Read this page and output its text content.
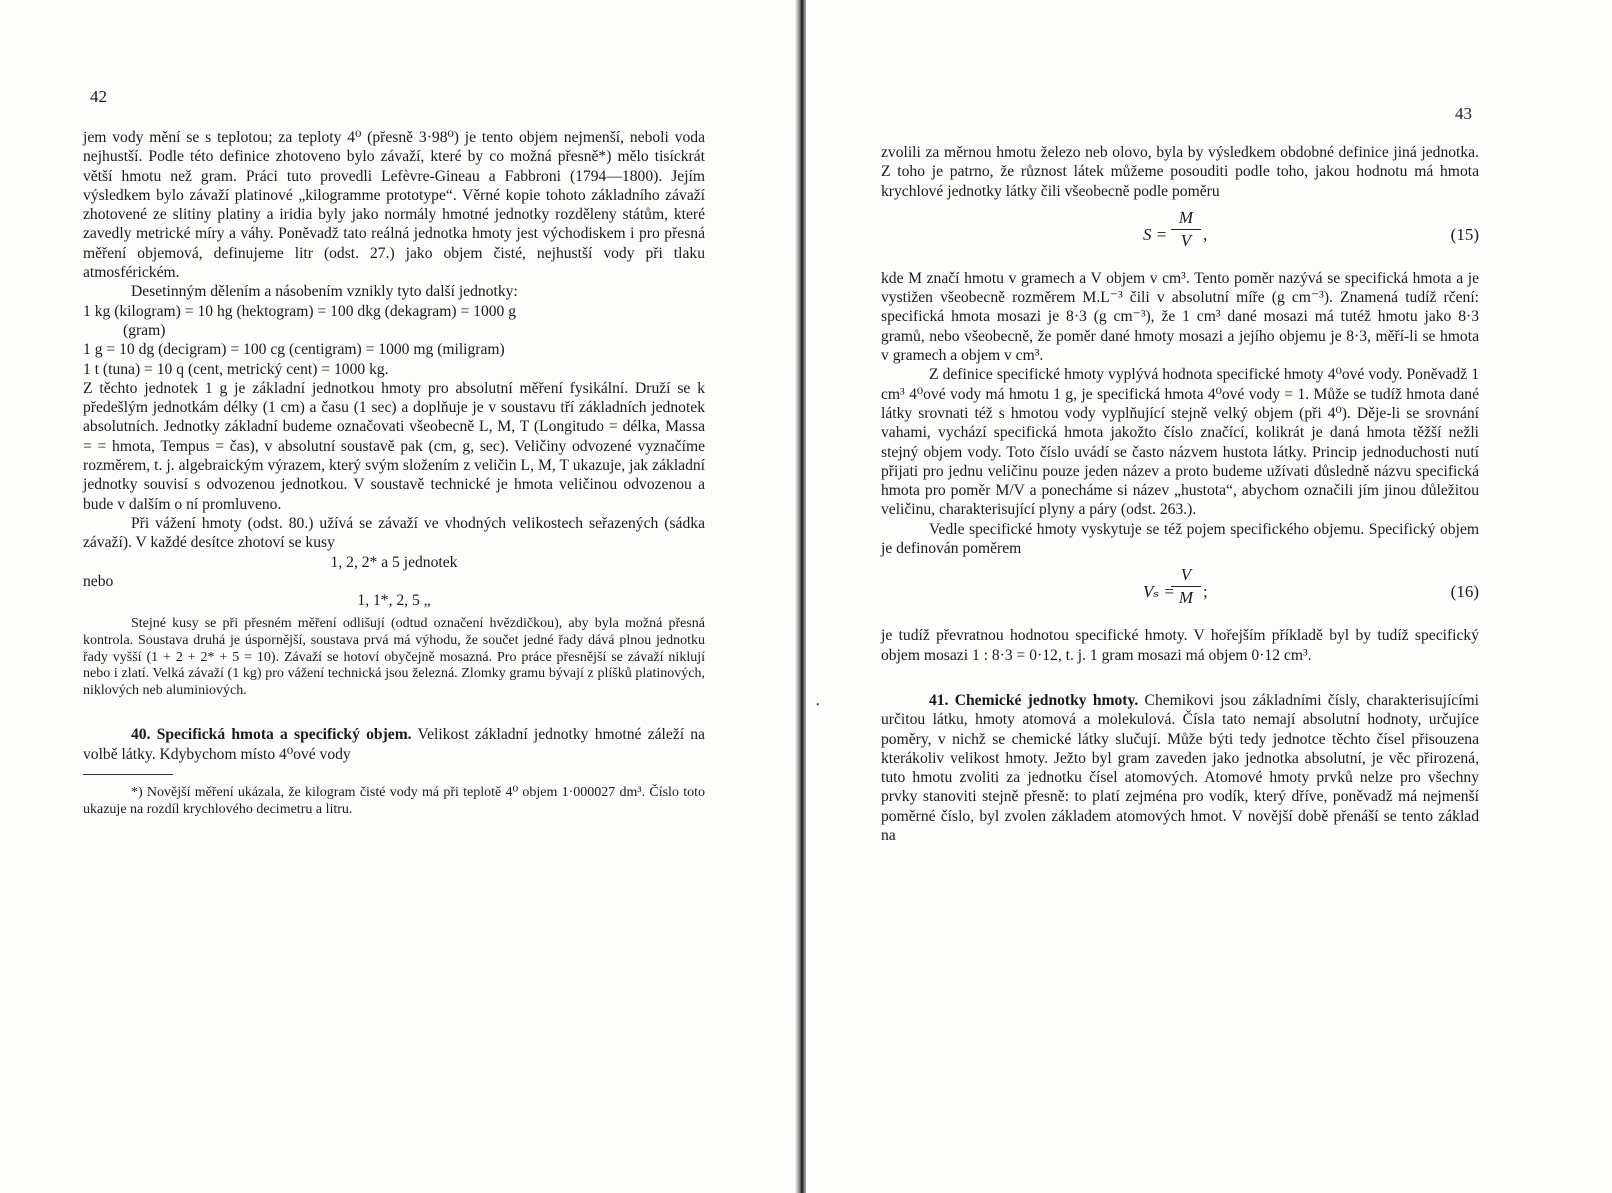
42

jem vody mění se s teplotou; za teploty 4⁰ (přesně 3·98⁰) je tento objem nejmenší, neboli voda nejhustší. Podle této definice zhotoveno bylo závaží, které by co možná přesně*) mělo tisíckrát větší hmotu než gram. Práci tuto provedli Lefèvre-Gineau a Fabbroni (1794—1800). Jejím výsledkem bylo závaží platinové „kilogramme prototype“. Věrné kopie tohoto základního závaží zhotovené ze slitiny platiny a iridia byly jako normály hmotné jednotky rozděleny státům, které zavedly metrické míry a váhy. Poněvadž tato reálná jednotka hmoty jest východiskem i pro přesná měření objemová, definujeme litr (odst. 27.) jako objem čisté, nejhustší vody při tlaku atmosférickém.

Desetinným dělením a násobením vznikly tyto další jednotky:

1 kg (kilogram) = 10 hg (hektogram) = 100 dkg (dekagram) = 1000 g

(gram)

1 g = 10 dg (decigram) = 100 cg (centigram) = 1000 mg (miligram)

1 t (tuna) = 10 q (cent, metrický cent) = 1000 kg.

Z těchto jednotek 1 g je základní jednotkou hmoty pro absolutní měření fysikální. Druží se k předešlým jednotkám délky (1 cm) a času (1 sec) a doplňuje je v soustavu tří základních jednotek absolutních. Jednotky základní budeme označovati všeobecně L, M, T (Longitudo = délka, Massa = = hmota, Tempus = čas), v absolutní soustavě pak (cm, g, sec). Veličiny odvozené vyznačíme rozměrem, t. j. algebraickým výrazem, který svým složením z veličin L, M, T ukazuje, jak základní jednotky souvisí s odvozenou jednotkou. V soustavě technické je hmota veličinou odvozenou a bude v dalším o ní promluveno.

Při vážení hmoty (odst. 80.) užívá se závaží ve vhodných velikostech seřazených (sádka závaží). V každé desítce zhotoví se kusy

1, 2, 2* a 5 jednotek

nebo

1, 1*, 2, 5 „

Stejné kusy se při přesném měření odlišují (odtud označení hvězdičkou), aby byla možná přesná kontrola. Soustava druhá je úspornější, soustava prvá má výhodu, že součet jedné řady dává plnou jednotku řady vyšší (1 + 2 + 2* + 5 = 10). Závaží se hotoví obyčejně mosazná. Pro práce přesnější se závaží niklují nebo i zlatí. Velká závaží (1 kg) pro vážení technická jsou železná. Zlomky gramu bývají z plíšků platinových, niklových neb aluminiových.

40. Specifická hmota a specifický objem. Velikost základní jednotky hmotné záleží na volbě látky. Kdybychom místo 4⁰ové vody

*) Novější měření ukázala, že kilogram čisté vody má při teplotě 4⁰ objem 1·000027 dm³. Číslo toto ukazuje na rozdíl krychlového decimetru a litru.

43

zvolili za měrnou hmotu železo neb olovo, byla by výsledkem obdobné definice jiná jednotka. Z toho je patrno, že různost látek můžeme posouditi podle toho, jakou hodnotu má hmota krychlové jednotky látky čili všeobecně podle poměru

$S = \frac{M}{V}$ ,	(15)

kde M značí hmotu v gramech a V objem v cm³. Tento poměr nazývá se specifická hmota a je vystižen všeobecně rozměrem M.L⁻³ čili v absolutní míře (g cm⁻³). Znamená tudíž rčení: specifická hmota mosazi je 8·3 (g cm⁻³), že 1 cm³ dané mosazi má tutéž hmotu jako 8·3 gramů, nebo všeobecně, že poměr dané hmoty mosazi a jejího objemu je 8·3, měří-li se hmota v gramech a objem v cm³.

Z definice specifické hmoty vyplývá hodnota specifické hmoty 4⁰ové vody. Poněvadž 1 cm³ 4⁰ové vody má hmotu 1 g, je specifická hmota 4⁰ové vody = 1. Může se tudíž hmota dané látky srovnati též s hmotou vody vyplňující stejně velký objem (při 4⁰). Děje-li se srovnání vahami, vychází specifická hmota jakožto číslo značící, kolikrát je daná hmota těžší nežli stejný objem vody. Toto číslo uvádí se často názvem hustota látky. Princip jednoduchosti nutí přijati pro jednu veličinu pouze jeden název a proto budeme užívati důsledně názvu specifická hmota pro poměr M/V a ponecháme si název „hustota“, abychom označili jím jinou důležitou veličinu, charakterisující plyny a páry (odst. 263.).

Vedle specifické hmoty vyskytuje se též pojem specifického objemu. Specifický objem je definován poměrem

Vₛ =
$\frac{V}{M}$ ;	(16)

je tudíž převratnou hodnotou specifické hmoty. V hořejším příkladě byl by tudíž specifický objem mosazi 1 : 8·3 = 0·12, t. j. 1 gram mosazi má objem 0·12 cm³.

41. Chemické jednotky hmoty. Chemikovi jsou základními čísly, charakterisujícími určitou látku, hmoty atomová a molekulová. Čísla tato nemají absolutní hodnoty, určujíce poměry, v nichž se chemické látky slučují. Může býti tedy jednotce těchto čísel přisouzena kterákoliv velikost hmoty. Ježto byl gram zaveden jako jednotka absolutní, je věc přirozená, tuto hmotu zvoliti za jednotku čísel atomových. Atomové hmoty prvků nelze pro všechny prvky stanoviti stejně přesně: to platí zejména pro vodík, který dříve, poněvadž má nejmenší poměrné číslo, byl zvolen základem atomových hmot. V novější době přenáší se tento základ na

•
